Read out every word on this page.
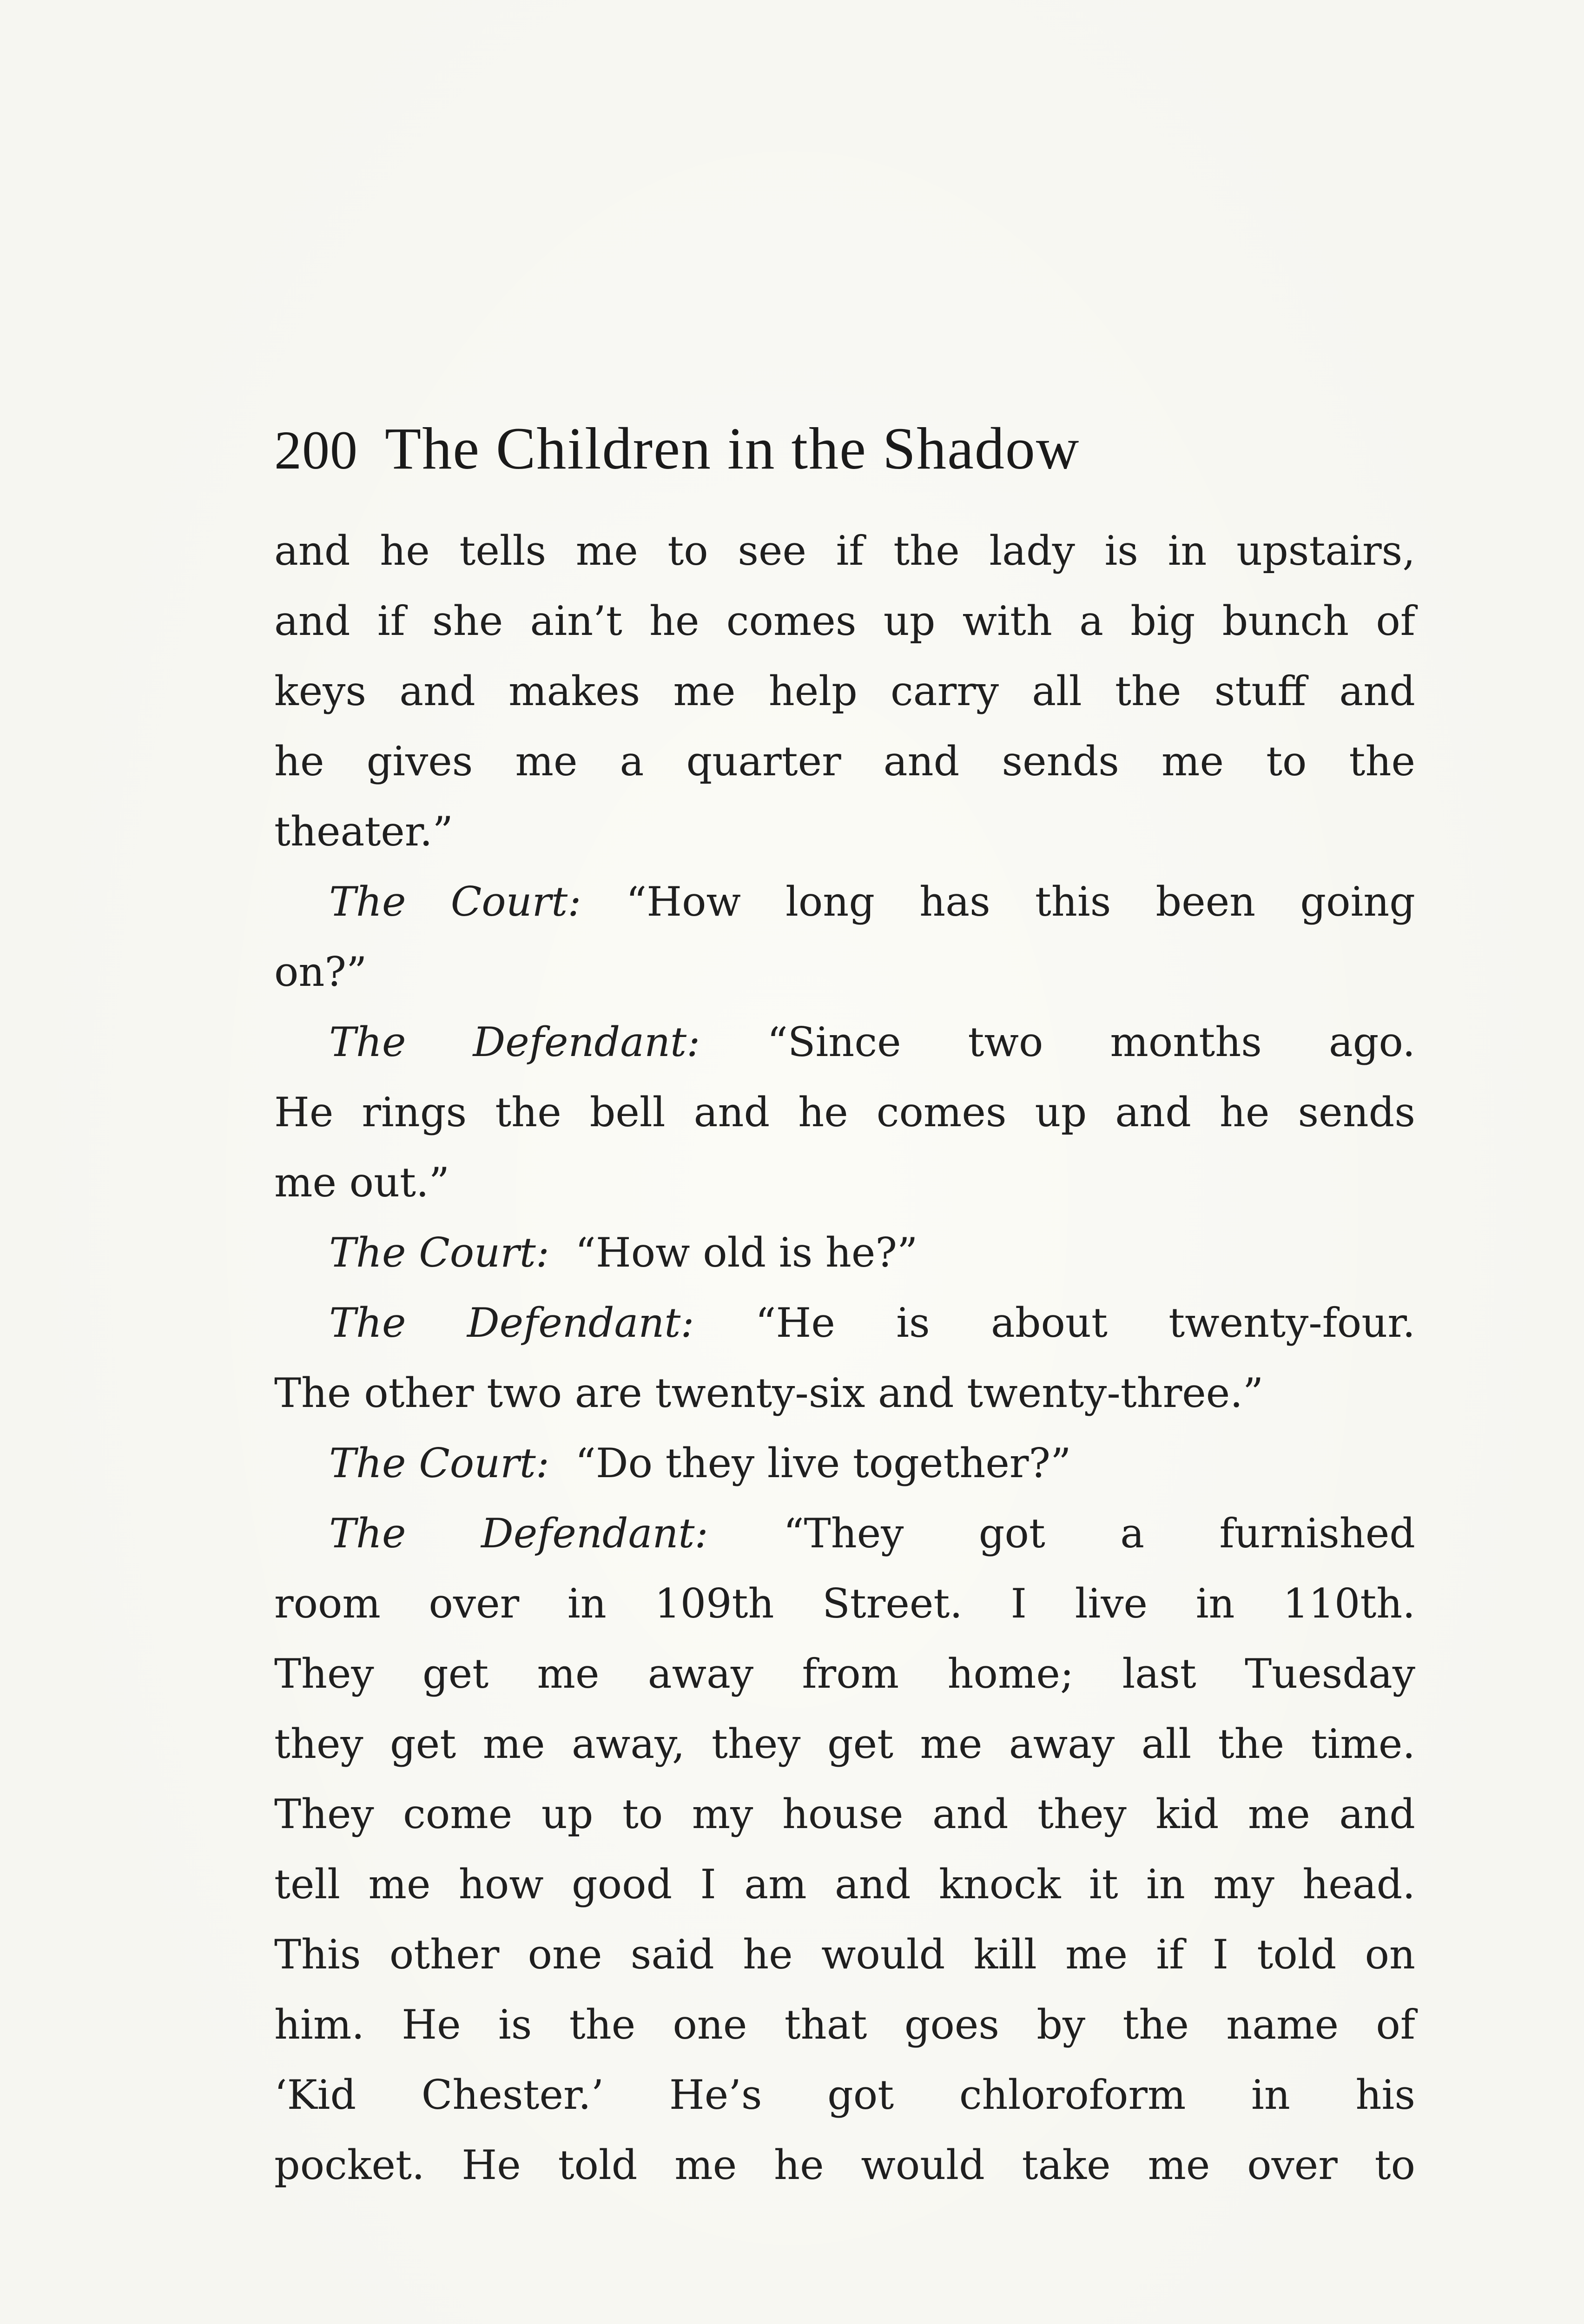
200 The Children in the Shadow
and he tells me to see if the lady is in upstairs,
and if she ain’t he comes up with a big bunch of
keys and makes me help carry all the stuff and
he gives me a quarter and sends me to the
theater.”
The Court: “How long has this been going
on?”
The Defendant: “Since two months ago.
He rings the bell and he comes up and he sends
me out.”
The Court: “How old is he?”
The Defendant: “He is about twenty-four.
The other two are twenty-six and twenty-three.”
The Court: “Do they live together?”
The Defendant: “They got a furnished
room over in 109th Street. I live in 110th.
They get me away from home; last Tuesday
they get me away, they get me away all the time.
They come up to my house and they kid me and
tell me how good I am and knock it in my head.
This other one said he would kill me if I told on
him. He is the one that goes by the name of
‘Kid Chester.’ He’s got chloroform in his
pocket. He told me he would take me over to
